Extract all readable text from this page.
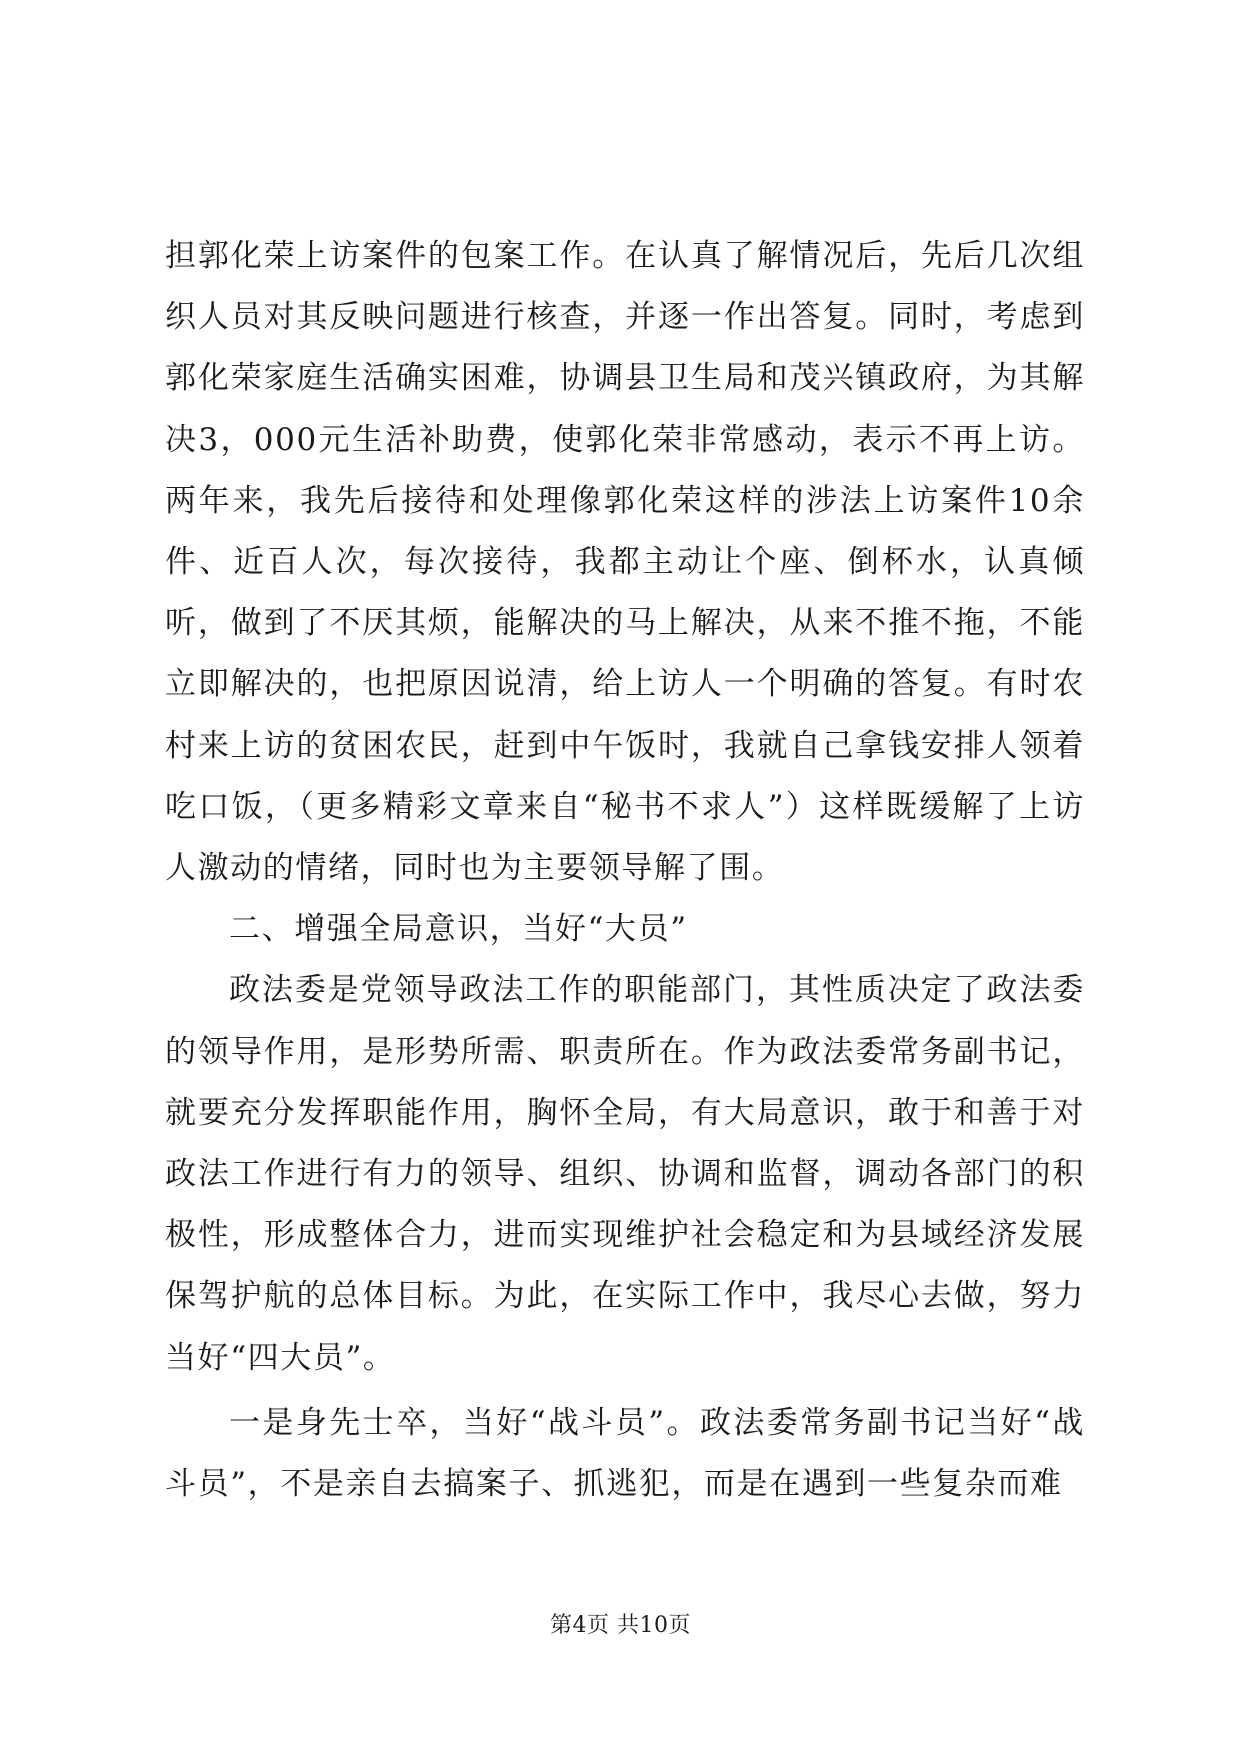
担郭化荣上访案件的包案工作。在认真了解情况后，先后几次组织人员对其反映问题进行核查，并逐一作出答复。同时，考虑到郭化荣家庭生活确实困难，协调县卫生局和茂兴镇政府，为其解决3，000元生活补助费，使郭化荣非常感动，表示不再上访。两年来，我先后接待和处理像郭化荣这样的涉法上访案件10余件、近百人次，每次接待，我都主动让个座、倒杯水，认真倾听，做到了不厌其烦，能解决的马上解决，从来不推不拖，不能立即解决的，也把原因说清，给上访人一个明确的答复。有时农村来上访的贫困农民，赶到中午饭时，我就自己拿钱安排人领着吃口饭，（更多精彩文章来自“秘书不求人”）这样既缓解了上访人激动的情绪，同时也为主要领导解了围。

二、增强全局意识，当好“大员”

政法委是党领导政法工作的职能部门，其性质决定了政法委的领导作用，是形势所需、职责所在。作为政法委常务副书记，就要充分发挥职能作用，胸怀全局，有大局意识，敢于和善于对政法工作进行有力的领导、组织、协调和监督，调动各部门的积极性，形成整体合力，进而实现维护社会稳定和为县域经济发展保驾护航的总体目标。为此，在实际工作中，我尽心去做，努力当好“四大员”。

一是身先士卒，当好“战斗员”。政法委常务副书记当好“战斗员”，不是亲自去搞案子、抓逃犯，而是在遇到一些复杂而难

第4页 共10页
